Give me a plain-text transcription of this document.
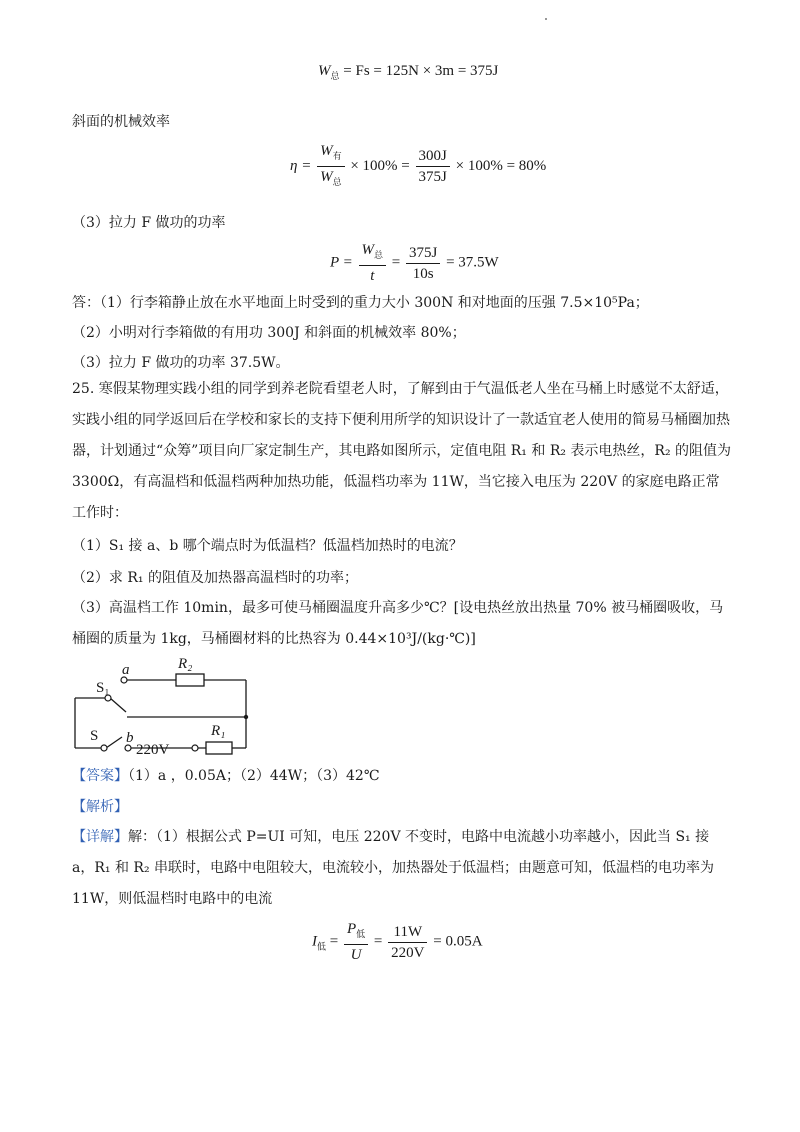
$W_总 = Fs = 125N \times 3m = 375J$
斜面的机械效率
$\eta = \frac{W_有}{W_总} \times 100\% = \frac{300J}{375J} \times 100\% = 80\%$
（3）拉力 F 做功的功率
$P = \frac{W_总}{t} = \frac{375J}{10s} = 37.5W$
答：（1）行李箱静止放在水平地面上时受到的重力大小 300N 和对地面的压强 7.5×10⁵Pa；
（2）小明对行李箱做的有用功 300J 和斜面的机械效率 80%；
（3）拉力 F 做功的功率 37.5W。
25. 寒假某物理实践小组的同学到养老院看望老人时，了解到由于气温低老人坐在马桶上时感觉不太舒适，实践小组的同学返回后在学校和家长的支持下便利用所学的知识设计了一款适宜老人使用的简易马桶圈加热器，计划通过“众筹”项目向厂家定制生产，其电路如图所示，定值电阻 R₁ 和 R₂ 表示电热丝，R₂ 的阻值为 3300Ω，有高温档和低温档两种加热功能，低温档功率为 11W，当它接入电压为 220V 的家庭电路正常工作时：
（1）S₁ 接 a、b 哪个端点时为低温档？低温档加热时的电流？
（2）求 R₁ 的阻值及加热器高温档时的功率；
（3）高温档工作 10min，最多可使马桶圈温度升高多少℃？[设电热丝放出热量 70% 被马桶圈吸收，马桶圈的质量为 1kg，马桶圈材料的比热容为 0.44×10³J/(kg·℃)]
a	R₂
S₁
R₁
S b
220V
【答案】（1）a ，0.05A；（2）44W；（3）42℃
【解析】
【详解】解：（1）根据公式 P=UI 可知，电压 220V 不变时，电路中电流越小功率越小，因此当 S₁ 接 a，R₁ 和 R₂ 串联时，电路中电阻较大，电流较小，加热器处于低温档；由题意可知，低温档的电功率为 11W，则低温档时电路中的电流
$I_低 = \frac{P_低}{U} = \frac{11W}{220V} = 0.05A$
